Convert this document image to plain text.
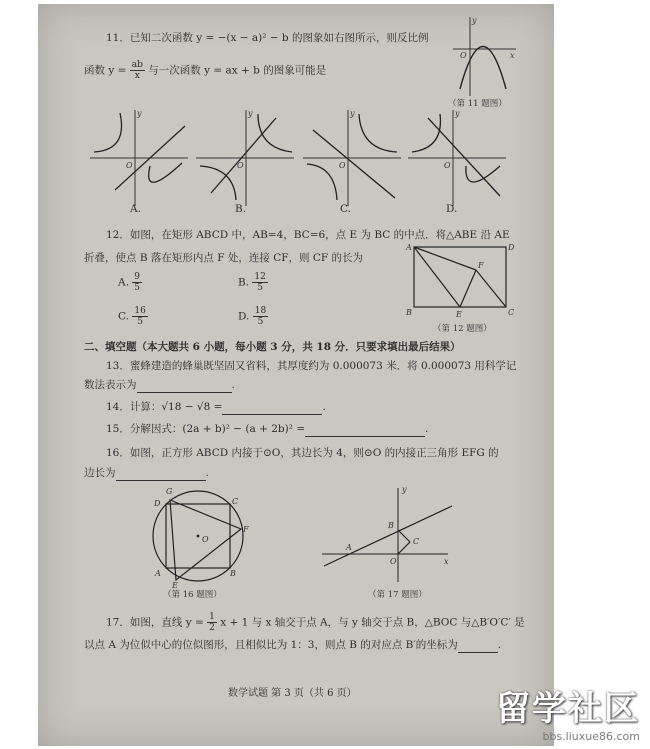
11．已知二次函数 y = −(x − a)² − b 的图象如右图所示，则反比例
函数 $y = \frac{ab}{x}$ 与一次函数 y = ax + b 的图象可能是
y
x
O
（第 11 题图）
y
O
y
O
y
O
y
O
A.	B.	C.	D.
12．如图，在矩形 ABCD 中，AB=4，BC=6，点 E 为 BC 的中点．将△ABE 沿 AE
折叠，使点 B 落在矩形内点 F 处，连接 CF，则 CF 的长为
A. $\frac{9}{5}$	B. $\frac{12}{5}$
C. $\frac{16}{5}$	D. $\frac{18}{5}$
A	D
F
B	E	C
（第 12 题图）
二、填空题（本大题共 6 小题，每小题 3 分，共 18 分．只要求填出最后结果）
13．蜜蜂建造的蜂巢既坚固又省料，其厚度约为 0.000073 米．将 0.000073 用科学记
数法表示为	.
14．计算：√18 − √8 =	.
15．分解因式：(2a + b)² − (a + 2b)² =	.
16．如图，正方形 ABCD 内接于⊙O，其边长为 4，则⊙O 的内接正三角形 EFG 的
边长为	.
D
G
C
F
O
A
E
B
（第 16 题图）
y
B
C
A
O	x
（第 17 题图）
17．如图，直线 $y = \frac{1}{2}$ x + 1 与 x 轴交于点 A，与 y 轴交于点 B，△BOC 与△B′O′C′ 是
以点 A 为位似中心的位似图形，且相似比为 1：3，则点 B 的对应点 B′的坐标为	.
数学试题 第 3 页（共 6 页）	留学社区
bbs.liuxue86.com
